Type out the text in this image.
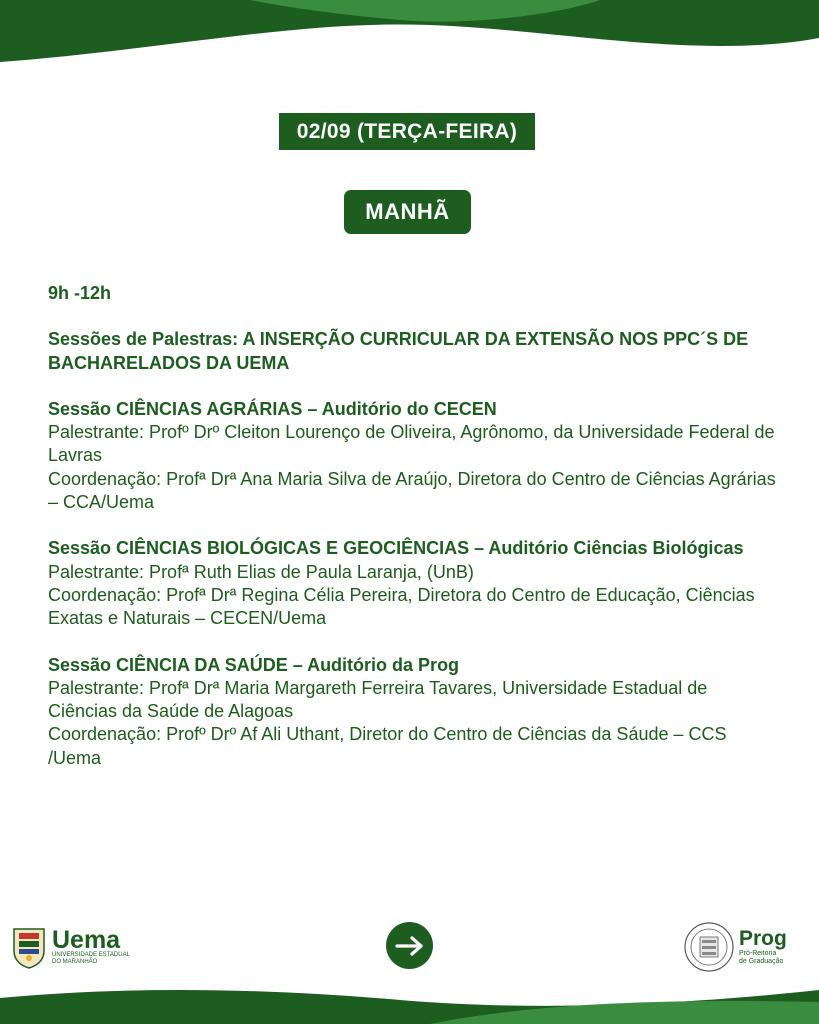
02/09 (TERÇA-FEIRA)
MANHÃ
9h -12h
Sessões de Palestras: A INSERÇÃO CURRICULAR DA EXTENSÃO NOS PPC´S DE BACHARELADOS DA UEMA
Sessão CIÊNCIAS AGRÁRIAS – Auditório do CECEN
Palestrante: Profº Drº Cleiton Lourenço de Oliveira, Agrônomo, da Universidade Federal de Lavras
Coordenação: Profª Drª Ana Maria Silva de Araújo, Diretora do Centro de Ciências Agrárias – CCA/Uema
Sessão CIÊNCIAS BIOLÓGICAS E GEOCIÊNCIAS – Auditório Ciências Biológicas
Palestrante: Profª Ruth Elias de Paula Laranja, (UnB)
Coordenação: Profª Drª Regina Célia Pereira, Diretora do Centro de Educação, Ciências Exatas e Naturais – CECEN/Uema
Sessão CIÊNCIA DA SAÚDE – Auditório da Prog
Palestrante: Profª Drª Maria Margareth Ferreira Tavares, Universidade Estadual de Ciências da Saúde de Alagoas
Coordenação: Profº Drº Af Ali Uthant, Diretor do Centro de Ciências da Sáude – CCS /Uema
Uema
UNIVERSIDADE ESTADUAL
DO MARANHÃO
Prog
Pró-Reitoria
de Graduação
